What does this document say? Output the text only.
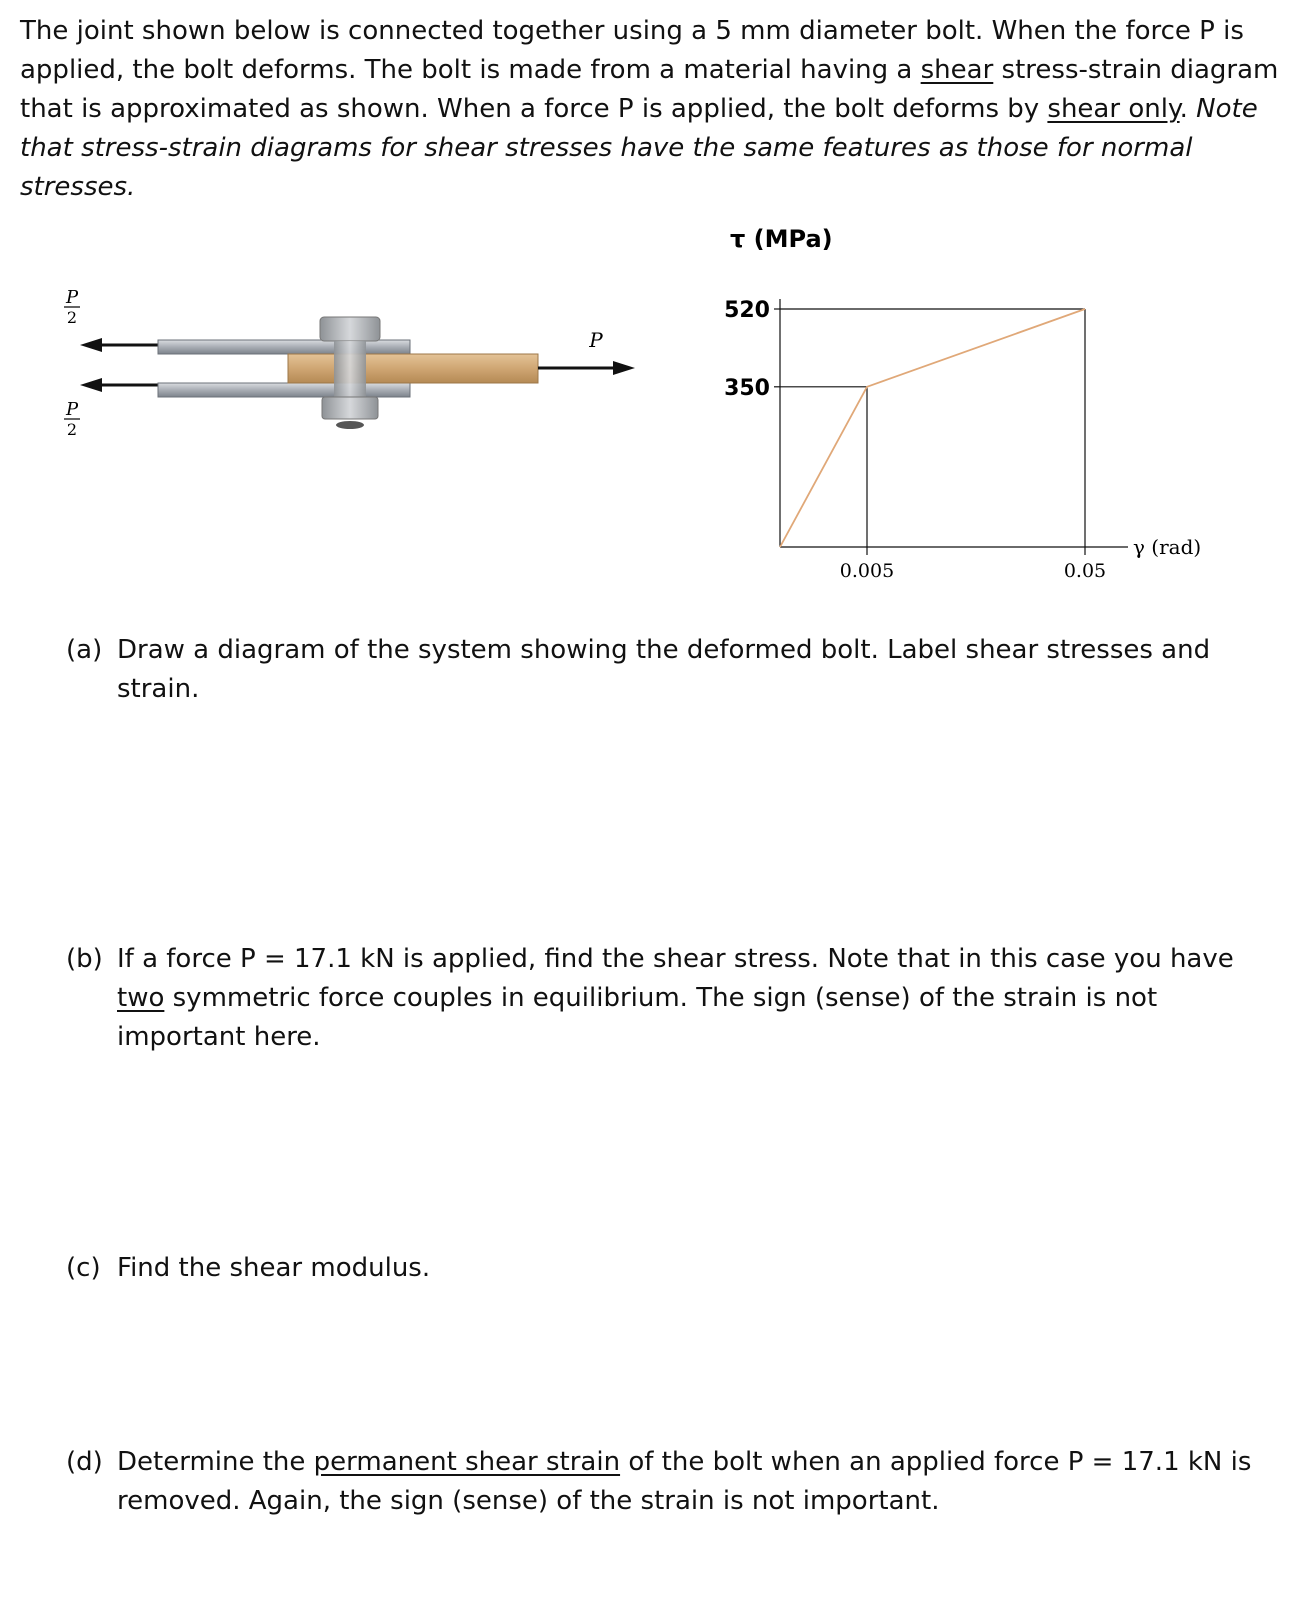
The joint shown below is connected together using a 5 mm diameter bolt. When the force P is applied, the bolt deforms. The bolt is made from a material having a shear stress-strain diagram that is approximated as shown. When a force P is applied, the bolt deforms by shear only. Note that stress-strain diagrams for shear stresses have the same features as those for normal stresses.
P
2
P
2
P
τ (MPa)
350
520
0.005	0.05
γ (rad)
(a) Draw a diagram of the system showing the deformed bolt. Label shear stresses and strain.
(b) If a force P = 17.1 kN is applied, find the shear stress. Note that in this case you have two symmetric force couples in equilibrium. The sign (sense) of the strain is not important here.
(c) Find the shear modulus.
(d) Determine the permanent shear strain of the bolt when an applied force P = 17.1 kN is removed. Again, the sign (sense) of the strain is not important.
